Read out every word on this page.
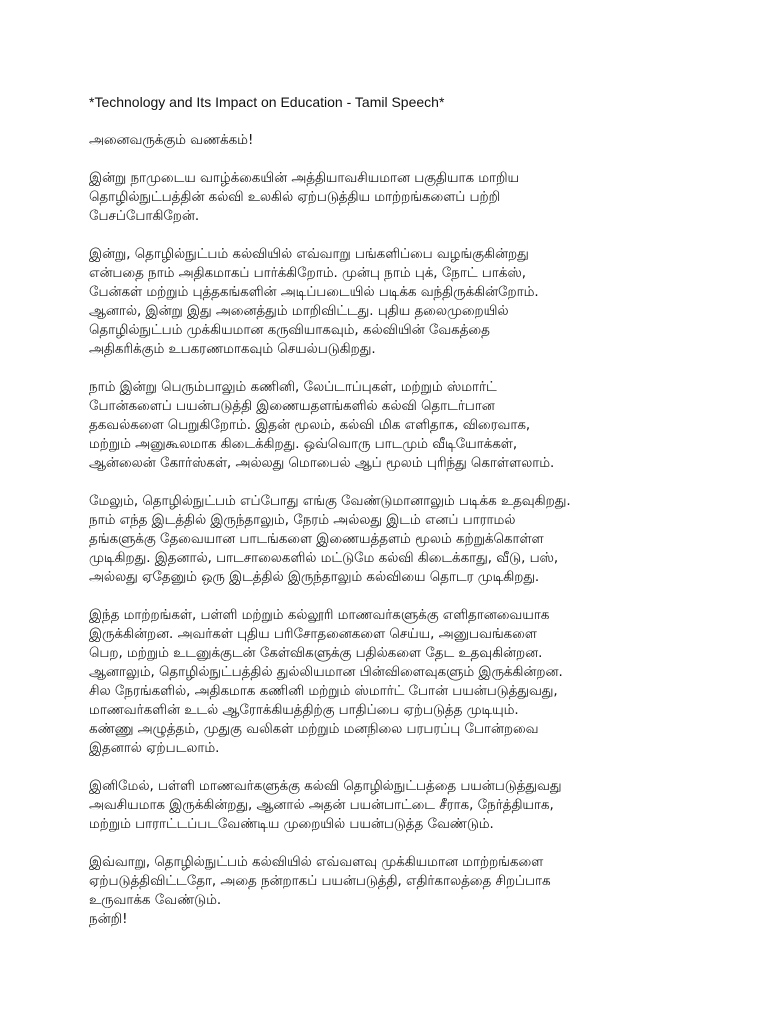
*Technology and Its Impact on Education - Tamil Speech*
அனைவருக்கும் வணக்கம்!
இன்று நாமுடைய வாழ்க்கையின் அத்தியாவசியமான பகுதியாக மாறிய
தொழில்நுட்பத்தின் கல்வி உலகில் ஏற்படுத்திய மாற்றங்களைப் பற்றி
பேசப்போகிறேன்.
இன்று, தொழில்நுட்பம் கல்வியில் எவ்வாறு பங்களிப்பை வழங்குகின்றது
என்பதை நாம் அதிகமாகப் பார்க்கிறோம். முன்பு நாம் புக், நோட் பாக்ஸ்,
பேன்கள் மற்றும் புத்தகங்களின் அடிப்படையில் படிக்க வந்திருக்கின்றோம்.
ஆனால், இன்று இது அனைத்தும் மாறிவிட்டது. புதிய தலைமுறையில்
தொழில்நுட்பம் முக்கியமான கருவியாகவும், கல்வியின் வேகத்தை
அதிகரிக்கும் உபகரணமாகவும் செயல்படுகிறது.
நாம் இன்று பெரும்பாலும் கணினி, லேப்டாப்புகள், மற்றும் ஸ்மார்ட்
போன்களைப் பயன்படுத்தி இணையதளங்களில் கல்வி தொடர்பான
தகவல்களை பெறுகிறோம். இதன் மூலம், கல்வி மிக எளிதாக, விரைவாக,
மற்றும் அனுகூலமாக கிடைக்கிறது. ஒவ்வொரு பாடமும் வீடியோக்கள்,
ஆன்லைன் கோர்ஸ்கள், அல்லது மொபைல் ஆப் மூலம் புரிந்து கொள்ளலாம்.
மேலும், தொழில்நுட்பம் எப்போது எங்கு வேண்டுமானாலும் படிக்க உதவுகிறது.
நாம் எந்த இடத்தில் இருந்தாலும், நேரம் அல்லது இடம் எனப் பாராமல்
தங்களுக்கு தேவையான பாடங்களை இணையத்தளம் மூலம் கற்றுக்கொள்ள
முடிகிறது. இதனால், பாடசாலைகளில் மட்டுமே கல்வி கிடைக்காது, வீடு, பஸ்,
அல்லது ஏதேனும் ஒரு இடத்தில் இருந்தாலும் கல்வியை தொடர முடிகிறது.
இந்த மாற்றங்கள், பள்ளி மற்றும் கல்லூரி மாணவர்களுக்கு எளிதானவையாக
இருக்கின்றன. அவர்கள் புதிய பரிசோதனைகளை செய்ய, அனுபவங்களை
பெற, மற்றும் உடனுக்குடன் கேள்விகளுக்கு பதில்களை தேட உதவுகின்றன.
ஆனாலும், தொழில்நுட்பத்தில் துல்லியமான பின்விளைவுகளும் இருக்கின்றன.
சில நேரங்களில், அதிகமாக கணினி மற்றும் ஸ்மார்ட் போன் பயன்படுத்துவது,
மாணவர்களின் உடல் ஆரோக்கியத்திற்கு பாதிப்பை ஏற்படுத்த முடியும்.
கண்ணு அழுத்தம், முதுகு வலிகள் மற்றும் மனநிலை பரபரப்பு போன்றவை
இதனால் ஏற்படலாம்.
இனிமேல், பள்ளி மாணவர்களுக்கு கல்வி தொழில்நுட்பத்தை பயன்படுத்துவது
அவசியமாக இருக்கின்றது, ஆனால் அதன் பயன்பாட்டை சீராக, நேர்த்தியாக,
மற்றும் பாராட்டப்படவேண்டிய முறையில் பயன்படுத்த வேண்டும்.
இவ்வாறு, தொழில்நுட்பம் கல்வியில் எவ்வளவு முக்கியமான மாற்றங்களை
ஏற்படுத்திவிட்டதோ, அதை நன்றாகப் பயன்படுத்தி, எதிர்காலத்தை சிறப்பாக
உருவாக்க வேண்டும்.
நன்றி!
